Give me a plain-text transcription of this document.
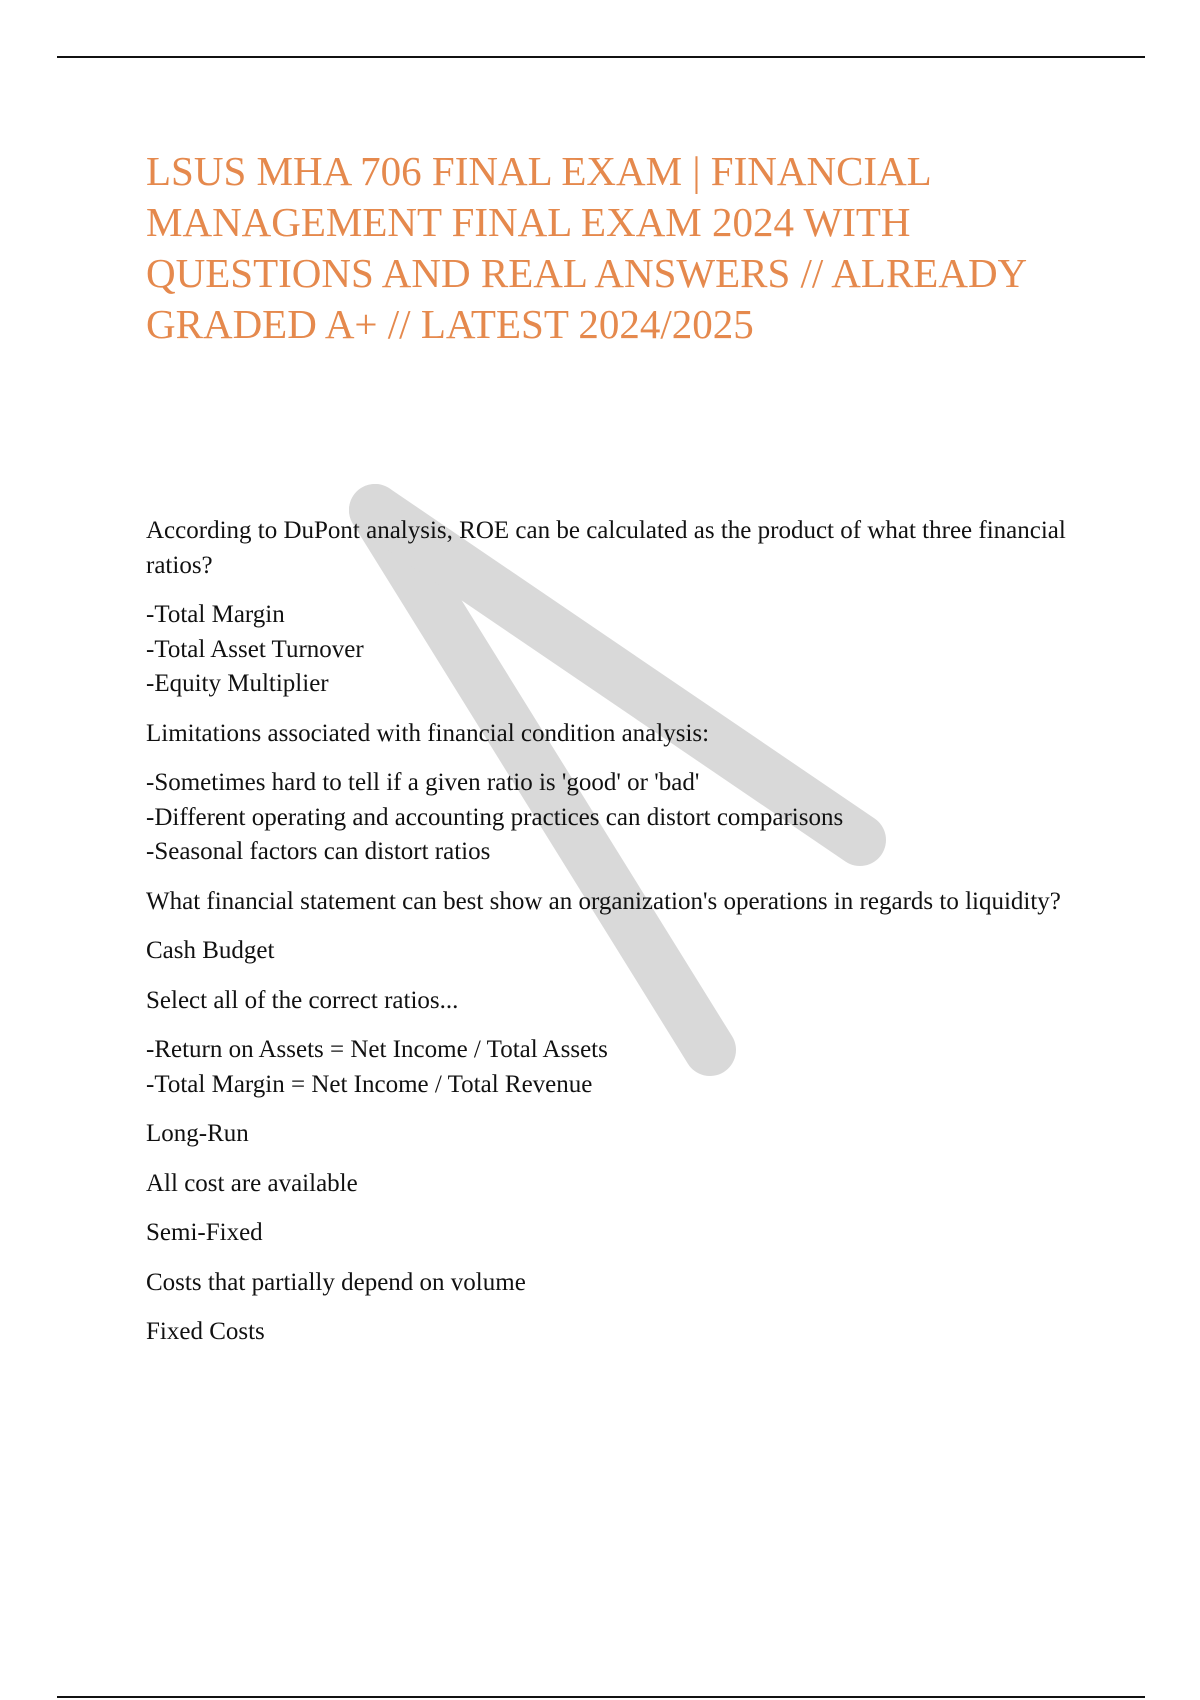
LSUS MHA 706 FINAL EXAM | FINANCIAL MANAGEMENT FINAL EXAM 2024 WITH QUESTIONS AND REAL ANSWERS // ALREADY GRADED A+ // LATEST 2024/2025

According to DuPont analysis, ROE can be calculated as the product of what three financial ratios?

-Total Margin
-Total Asset Turnover
-Equity Multiplier

Limitations associated with financial condition analysis:

-Sometimes hard to tell if a given ratio is 'good' or 'bad'
-Different operating and accounting practices can distort comparisons
-Seasonal factors can distort ratios

What financial statement can best show an organization's operations in regards to liquidity?

Cash Budget

Select all of the correct ratios...

-Return on Assets = Net Income / Total Assets
-Total Margin = Net Income / Total Revenue

Long-Run

All cost are available

Semi-Fixed

Costs that partially depend on volume

Fixed Costs
